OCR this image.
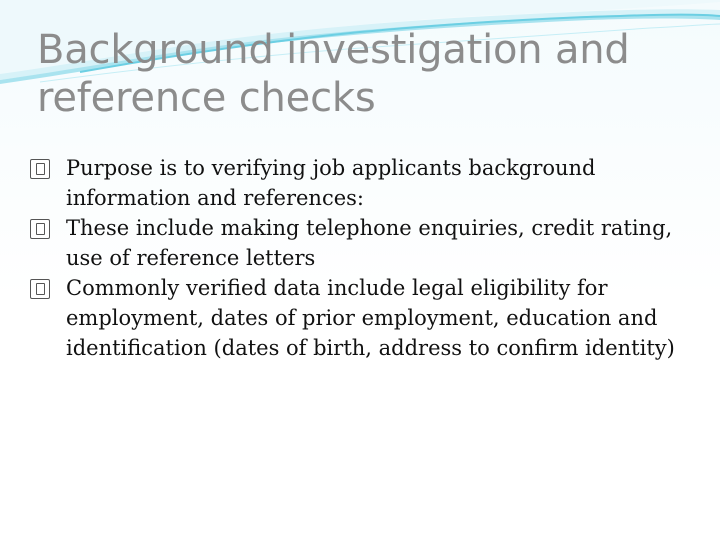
Background investigation and reference checks
Purpose is to verifying job applicants background information and references:
These include making telephone enquiries, credit rating, use of reference letters
Commonly verified data include legal eligibility for employment, dates of prior employment, education and identification (dates of birth, address to confirm identity)
